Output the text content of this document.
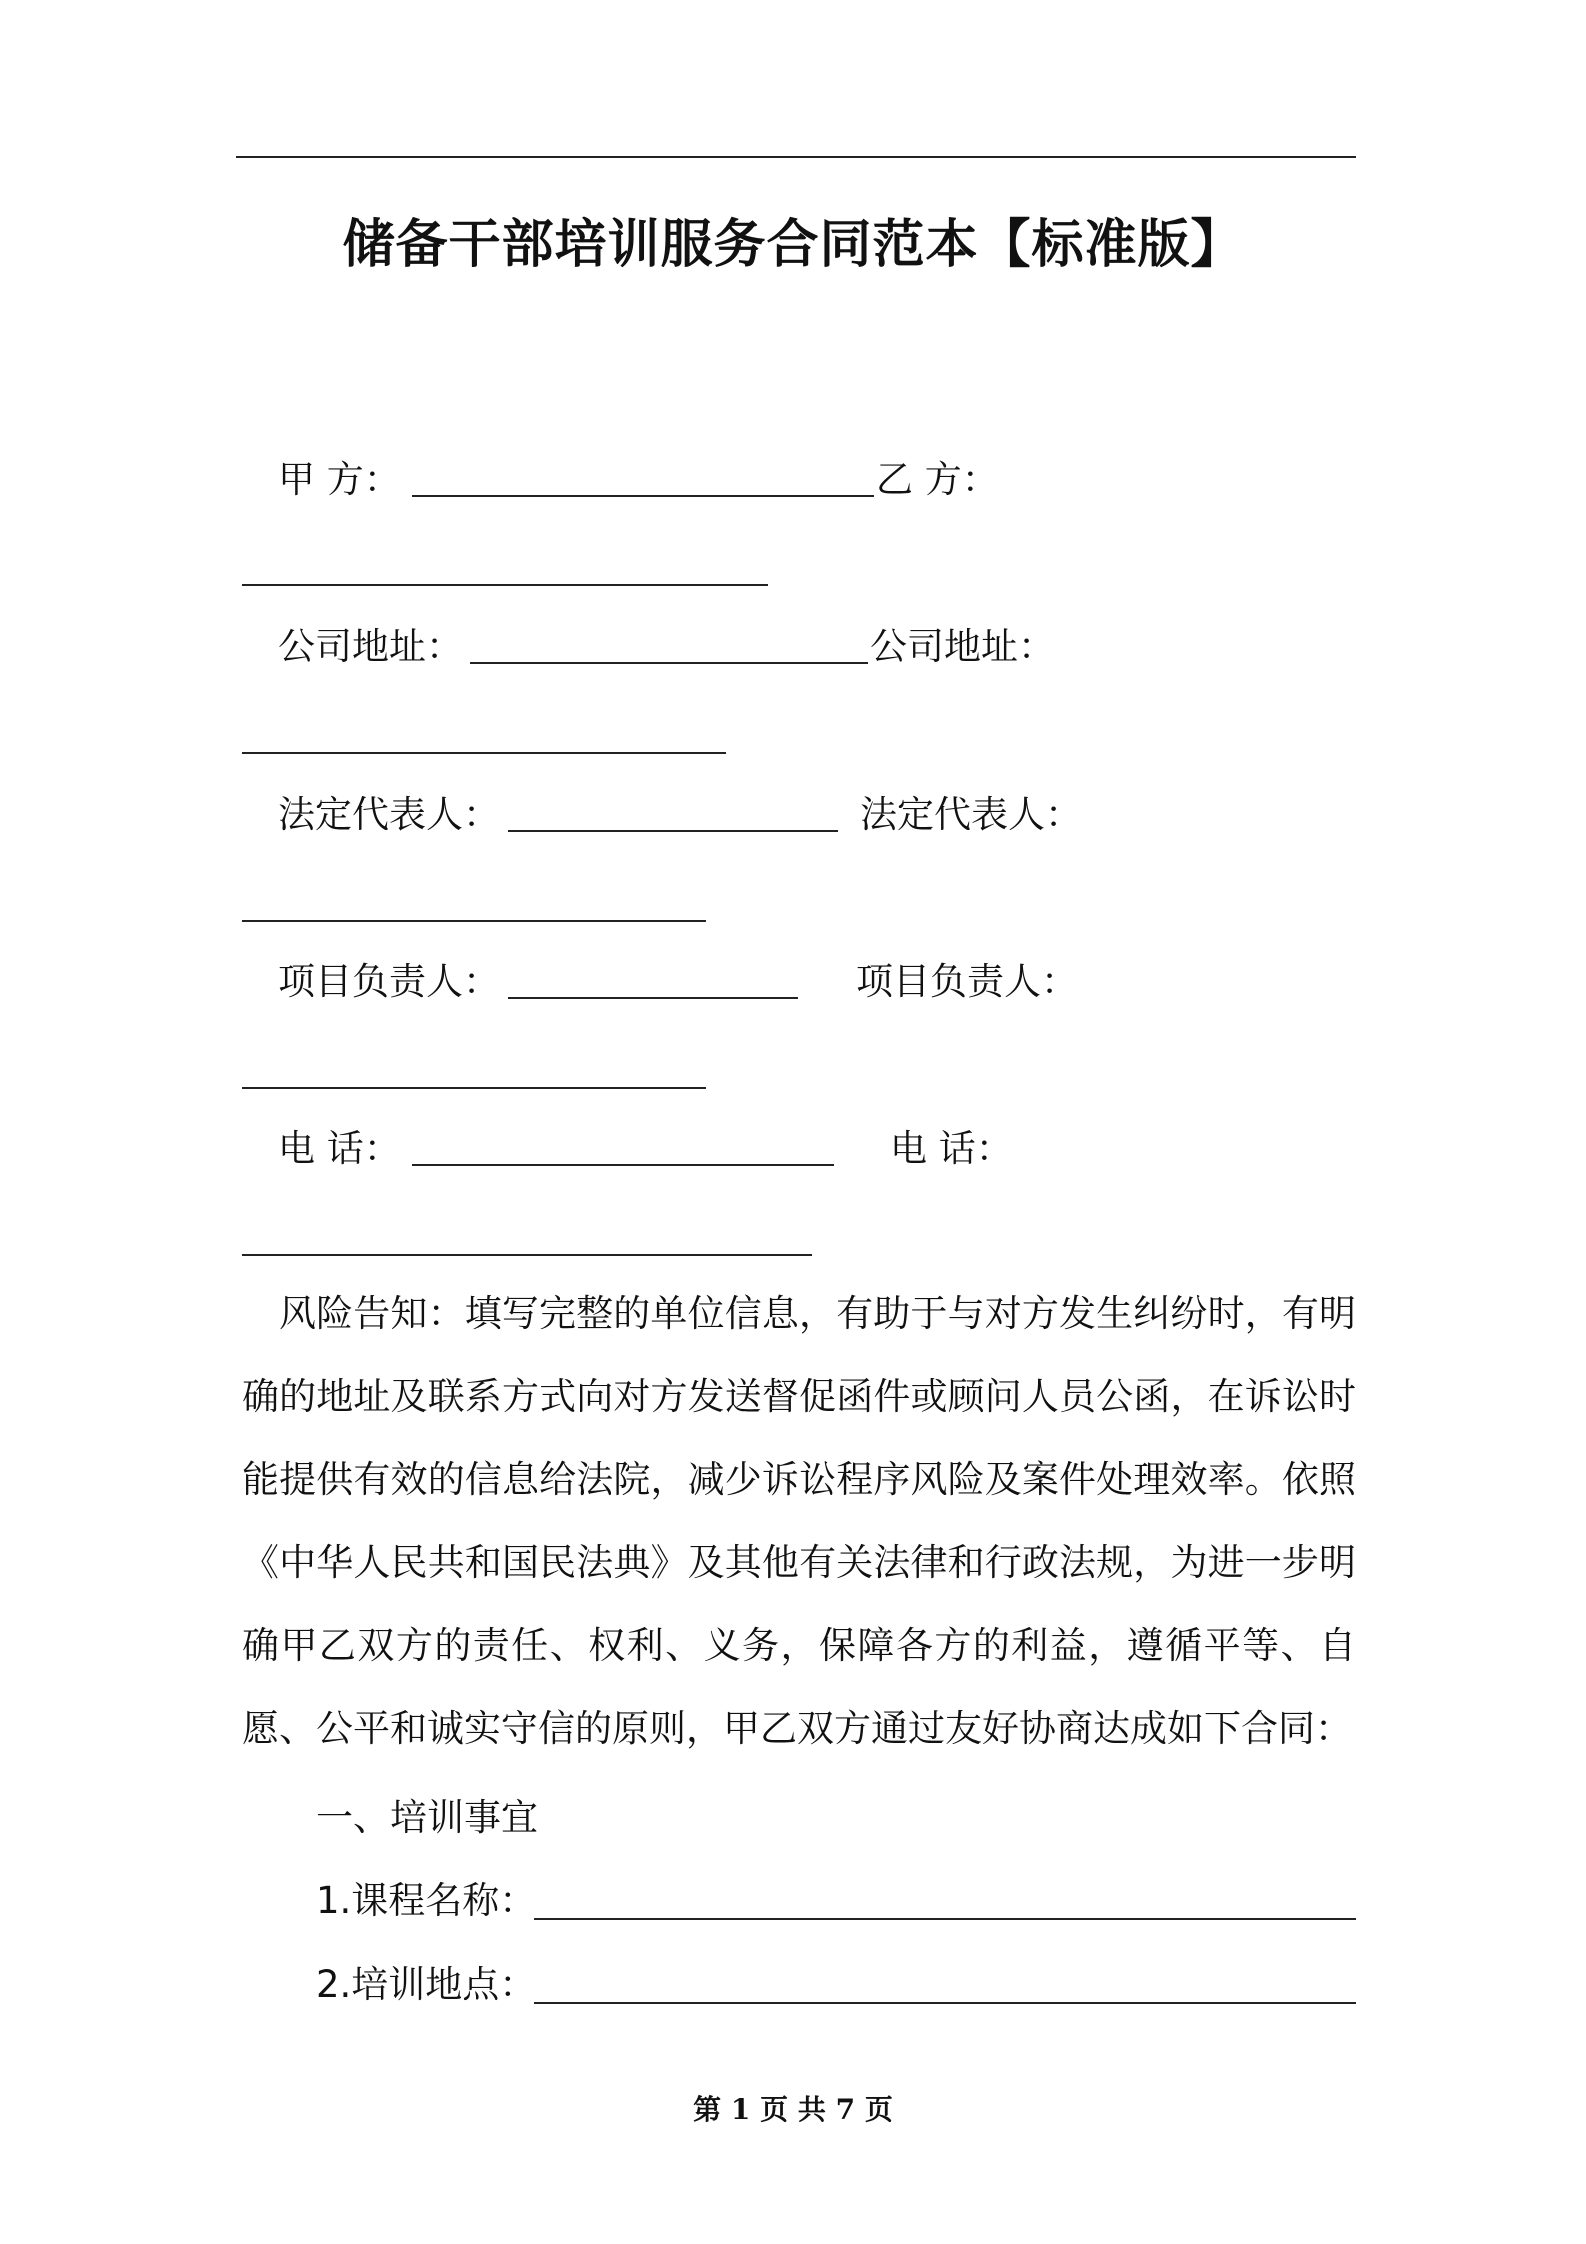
储备干部培训服务合同范本【标准版】
甲 方：	乙 方：
公司地址：	公司地址：
法定代表人：	法定代表人：
项目负责人：	项目负责人：
电 话：	电 话：
风险告知：填写完整的单位信息，有助于与对方发生纠纷时，有明确的地址及联系方式向对方发送督促函件或顾问人员公函，在诉讼时能提供有效的信息给法院，减少诉讼程序风险及案件处理效率。依照《中华人民共和国民法典》及其他有关法律和行政法规，为进一步明确甲乙双方的责任、权利、义务，保障各方的利益，遵循平等、自愿、公平和诚实守信的原则，甲乙双方通过友好协商达成如下合同：
一、培训事宜
1.课程名称：
2.培训地点：
第 1 页 共 7 页
